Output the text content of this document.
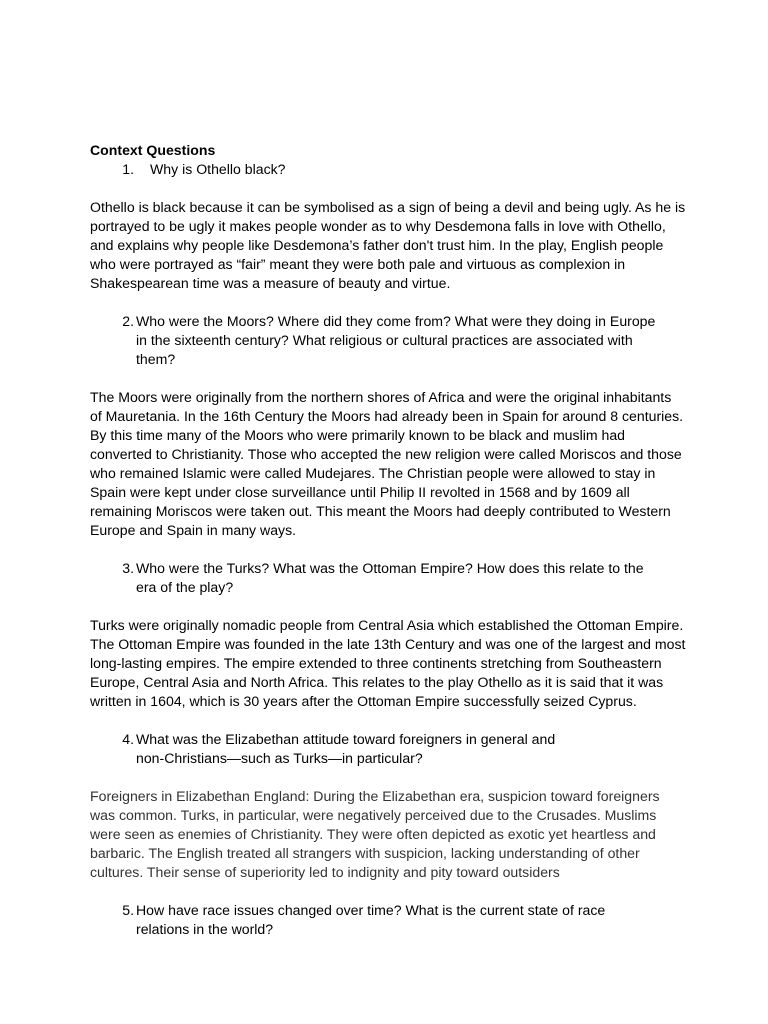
Context Questions

1.	Why is Othello black?

Othello is black because it can be symbolised as a sign of being a devil and being ugly. As he is portrayed to be ugly it makes people wonder as to why Desdemona falls in love with Othello, and explains why people like Desdemona’s father don't trust him. In the play, English people who were portrayed as “fair” meant they were both pale and virtuous as complexion in Shakespearean time was a measure of beauty and virtue.

2. Who were the Moors? Where did they come from? What were they doing in Europe in the sixteenth century? What religious or cultural practices are associated with them?

The Moors were originally from the northern shores of Africa and were the original inhabitants of Mauretania. In the 16th Century the Moors had already been in Spain for around 8 centuries. By this time many of the Moors who were primarily known to be black and muslim had converted to Christianity. Those who accepted the new religion were called Moriscos and those who remained Islamic were called Mudejares. The Christian people were allowed to stay in Spain were kept under close surveillance until Philip II revolted in 1568 and by 1609 all remaining Moriscos were taken out. This meant the Moors had deeply contributed to Western Europe and Spain in many ways.

3. Who were the Turks? What was the Ottoman Empire? How does this relate to the era of the play?

Turks were originally nomadic people from Central Asia which established the Ottoman Empire. The Ottoman Empire was founded in the late 13th Century and was one of the largest and most long-lasting empires. The empire extended to three continents stretching from Southeastern Europe, Central Asia and North Africa. This relates to the play Othello as it is said that it was written in 1604, which is 30 years after the Ottoman Empire successfully seized Cyprus.

4. What was the Elizabethan attitude toward foreigners in general and non-Christians—such as Turks—in particular?

Foreigners in Elizabethan England: During the Elizabethan era, suspicion toward foreigners was common. Turks, in particular, were negatively perceived due to the Crusades. Muslims were seen as enemies of Christianity. They were often depicted as exotic yet heartless and barbaric. The English treated all strangers with suspicion, lacking understanding of other cultures. Their sense of superiority led to indignity and pity toward outsiders

5. How have race issues changed over time? What is the current state of race relations in the world?
